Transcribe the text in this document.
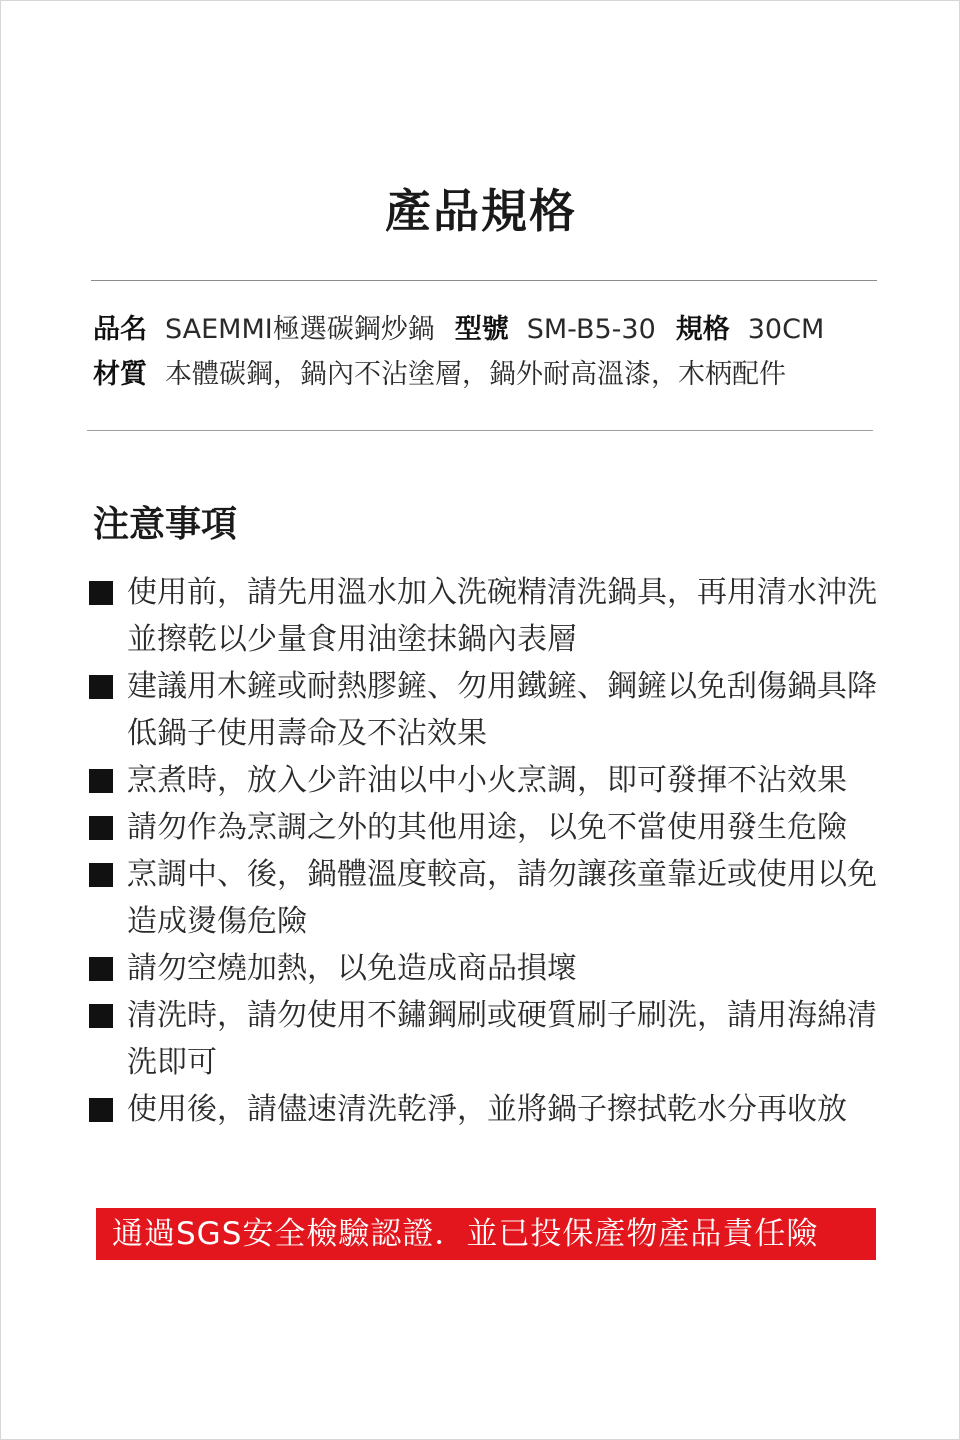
產品規格
品名 SAEMMI極選碳鋼炒鍋 型號 SM-B5-30 規格 30CM
材質 本體碳鋼，鍋內不沾塗層，鍋外耐高溫漆，木柄配件
注意事項
使用前，請先用溫水加入洗碗精清洗鍋具，再用清水沖洗並擦乾以少量食用油塗抹鍋內表層
建議用木鏟或耐熱膠鏟、勿用鐵鏟、鋼鏟以免刮傷鍋具降低鍋子使用壽命及不沾效果
烹煮時，放入少許油以中小火烹調，即可發揮不沾效果
請勿作為烹調之外的其他用途，以免不當使用發生危險
烹調中、後，鍋體溫度較高，請勿讓孩童靠近或使用以免造成燙傷危險
請勿空燒加熱，以免造成商品損壞
清洗時，請勿使用不鏽鋼刷或硬質刷子刷洗，請用海綿清洗即可
使用後，請儘速清洗乾淨，並將鍋子擦拭乾水分再收放
通過SGS安全檢驗認證．並已投保產物產品責任險
